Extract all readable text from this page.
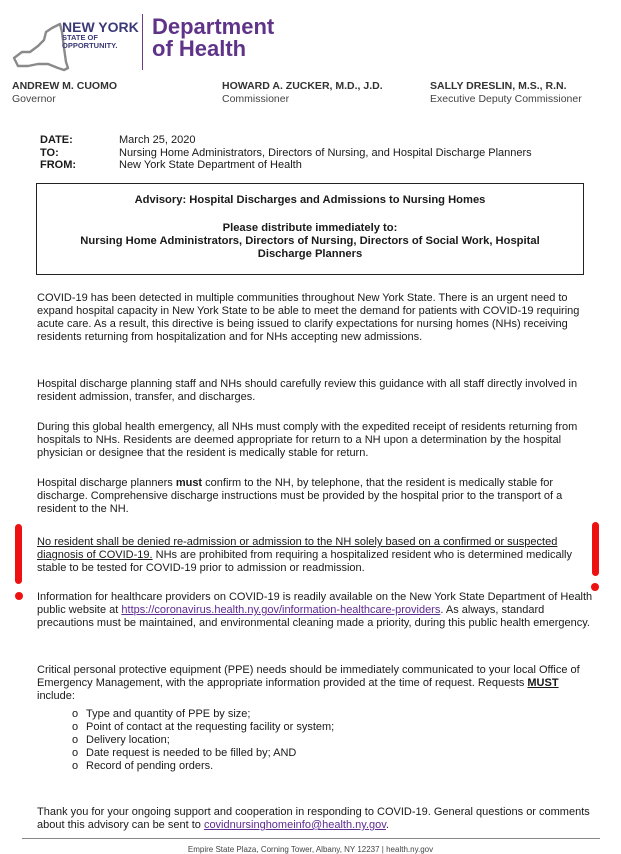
NEW YORK
STATE OF
OPPORTUNITY.
Department
of Health
ANDREW M. CUOMO
Governor
HOWARD A. ZUCKER, M.D., J.D.
Commissioner
SALLY DRESLIN, M.S., R.N.
Executive Deputy Commissioner
DATE:	March 25, 2020
TO:	Nursing Home Administrators, Directors of Nursing, and Hospital Discharge Planners
FROM:	New York State Department of Health
Advisory: Hospital Discharges and Admissions to Nursing Homes
Please distribute immediately to:
Nursing Home Administrators, Directors of Nursing, Directors of Social Work, Hospital Discharge Planners

COVID-19 has been detected in multiple communities throughout New York State. There is an urgent need to expand hospital capacity in New York State to be able to meet the demand for patients with COVID-19 requiring acute care. As a result, this directive is being issued to clarify expectations for nursing homes (NHs) receiving residents returning from hospitalization and for NHs accepting new admissions.

Hospital discharge planning staff and NHs should carefully review this guidance with all staff directly involved in resident admission, transfer, and discharges.

During this global health emergency, all NHs must comply with the expedited receipt of residents returning from hospitals to NHs. Residents are deemed appropriate for return to a NH upon a determination by the hospital physician or designee that the resident is medically stable for return.

Hospital discharge planners must confirm to the NH, by telephone, that the resident is medically stable for discharge. Comprehensive discharge instructions must be provided by the hospital prior to the transport of a resident to the NH.

No resident shall be denied re-admission or admission to the NH solely based on a confirmed or suspected diagnosis of COVID-19. NHs are prohibited from requiring a hospitalized resident who is determined medically stable to be tested for COVID-19 prior to admission or readmission.

Information for healthcare providers on COVID-19 is readily available on the New York State Department of Health public website at https://coronavirus.health.ny.gov/information-healthcare-providers. As always, standard precautions must be maintained, and environmental cleaning made a priority, during this public health emergency.

Critical personal protective equipment (PPE) needs should be immediately communicated to your local Office of Emergency Management, with the appropriate information provided at the time of request. Requests MUST include:

o Type and quantity of PPE by size;
o Point of contact at the requesting facility or system;
o Delivery location;
o Date request is needed to be filled by; AND
o Record of pending orders.

Thank you for your ongoing support and cooperation in responding to COVID-19. General questions or comments about this advisory can be sent to covidnursinghomeinfo@health.ny.gov.

Empire State Plaza, Corning Tower, Albany, NY 12237 | health.ny.gov
